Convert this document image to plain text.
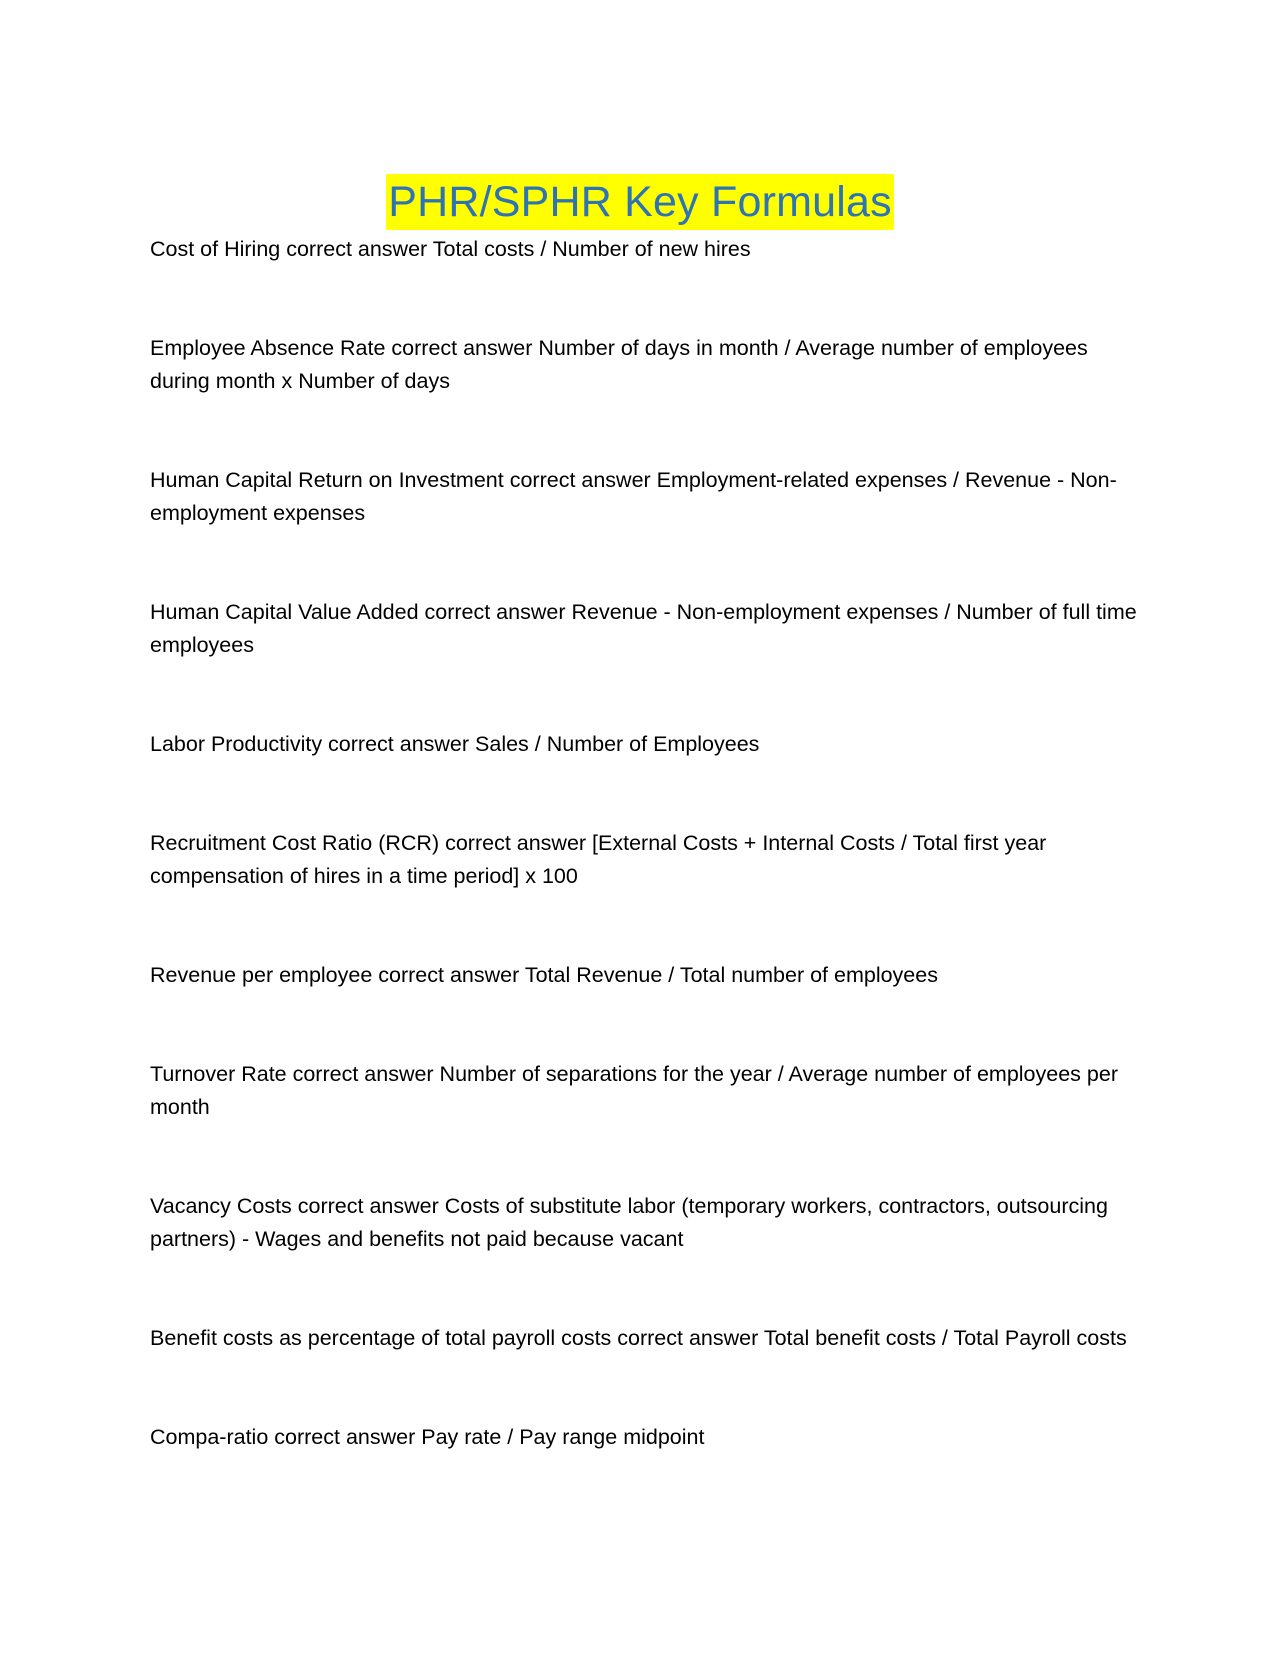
PHR/SPHR Key Formulas

Cost of Hiring correct answer Total costs / Number of new hires

Employee Absence Rate correct answer Number of days in month / Average number of employees during month x Number of days

Human Capital Return on Investment correct answer Employment-related expenses / Revenue - Non-employment expenses

Human Capital Value Added correct answer Revenue - Non-employment expenses / Number of full time employees

Labor Productivity correct answer Sales / Number of Employees

Recruitment Cost Ratio (RCR) correct answer [External Costs + Internal Costs / Total first year compensation of hires in a time period] x 100

Revenue per employee correct answer Total Revenue / Total number of employees

Turnover Rate correct answer Number of separations for the year / Average number of employees per month

Vacancy Costs correct answer Costs of substitute labor (temporary workers, contractors, outsourcing partners) - Wages and benefits not paid because vacant

Benefit costs as percentage of total payroll costs correct answer Total benefit costs / Total Payroll costs

Compa-ratio correct answer Pay rate / Pay range midpoint
